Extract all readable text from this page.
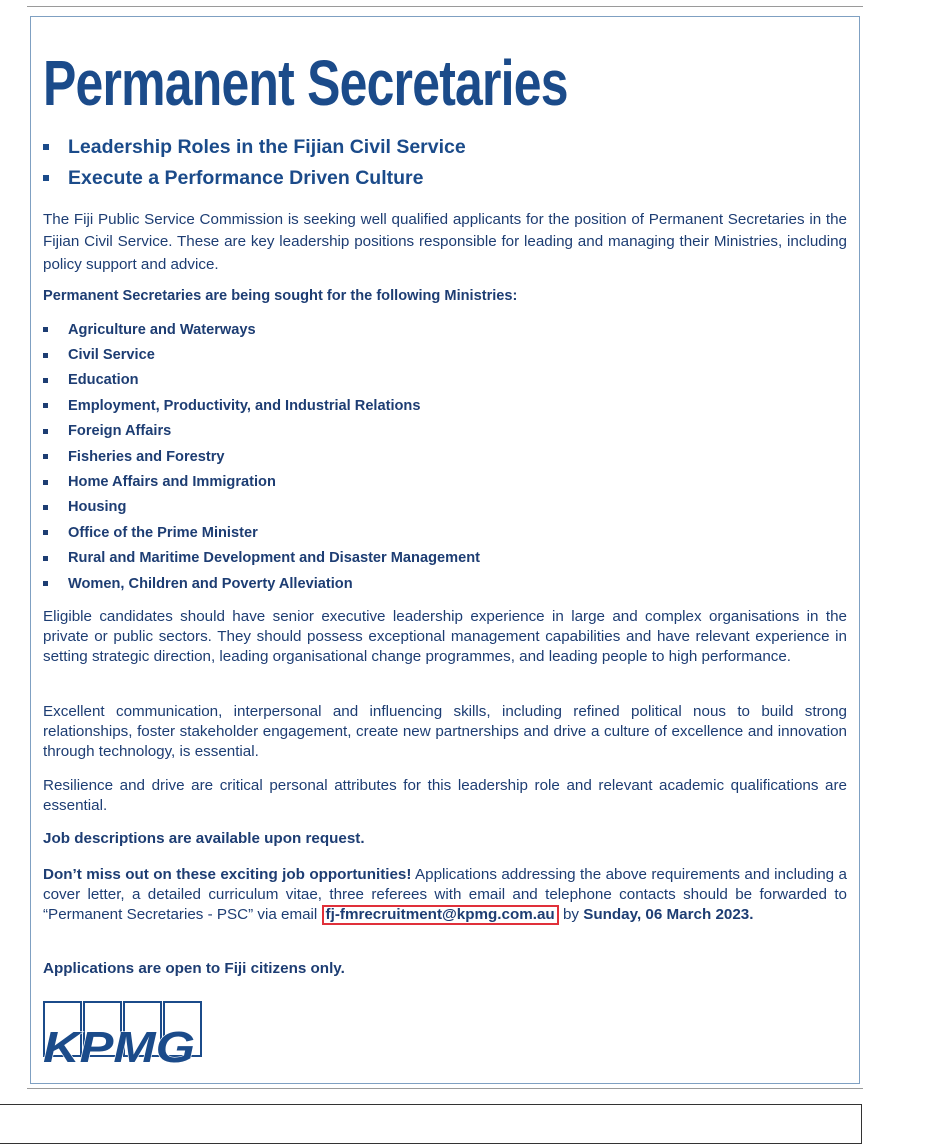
Permanent Secretaries
Leadership Roles in the Fijian Civil Service
Execute a Performance Driven Culture

The Fiji Public Service Commission is seeking well qualified applicants for the position of Permanent Secretaries in the Fijian Civil Service. These are key leadership positions responsible for leading and managing their Ministries, including policy support and advice.

Permanent Secretaries are being sought for the following Ministries:
Agriculture and Waterways
Civil Service
Education
Employment, Productivity, and Industrial Relations
Foreign Affairs
Fisheries and Forestry
Home Affairs and Immigration
Housing
Office of the Prime Minister
Rural and Maritime Development and Disaster Management
Women, Children and Poverty Alleviation

Eligible candidates should have senior executive leadership experience in large and complex organisations in the private or public sectors. They should possess exceptional management capabilities and have relevant experience in setting strategic direction, leading organisational change programmes, and leading people to high performance.

Excellent communication, interpersonal and influencing skills, including refined political nous to build strong relationships, foster stakeholder engagement, create new partnerships and drive a culture of excellence and innovation through technology, is essential.

Resilience and drive are critical personal attributes for this leadership role and relevant academic qualifications are essential.

Job descriptions are available upon request.

Don’t miss out on these exciting job opportunities! Applications addressing the above requirements and including a cover letter, a detailed curriculum vitae, three referees with email and telephone contacts should be forwarded to “Permanent Secretaries - PSC” via email fj-fmrecruitment@kpmg.com.au by Sunday, 06 March 2023.

Applications are open to Fiji citizens only.

KPMG
